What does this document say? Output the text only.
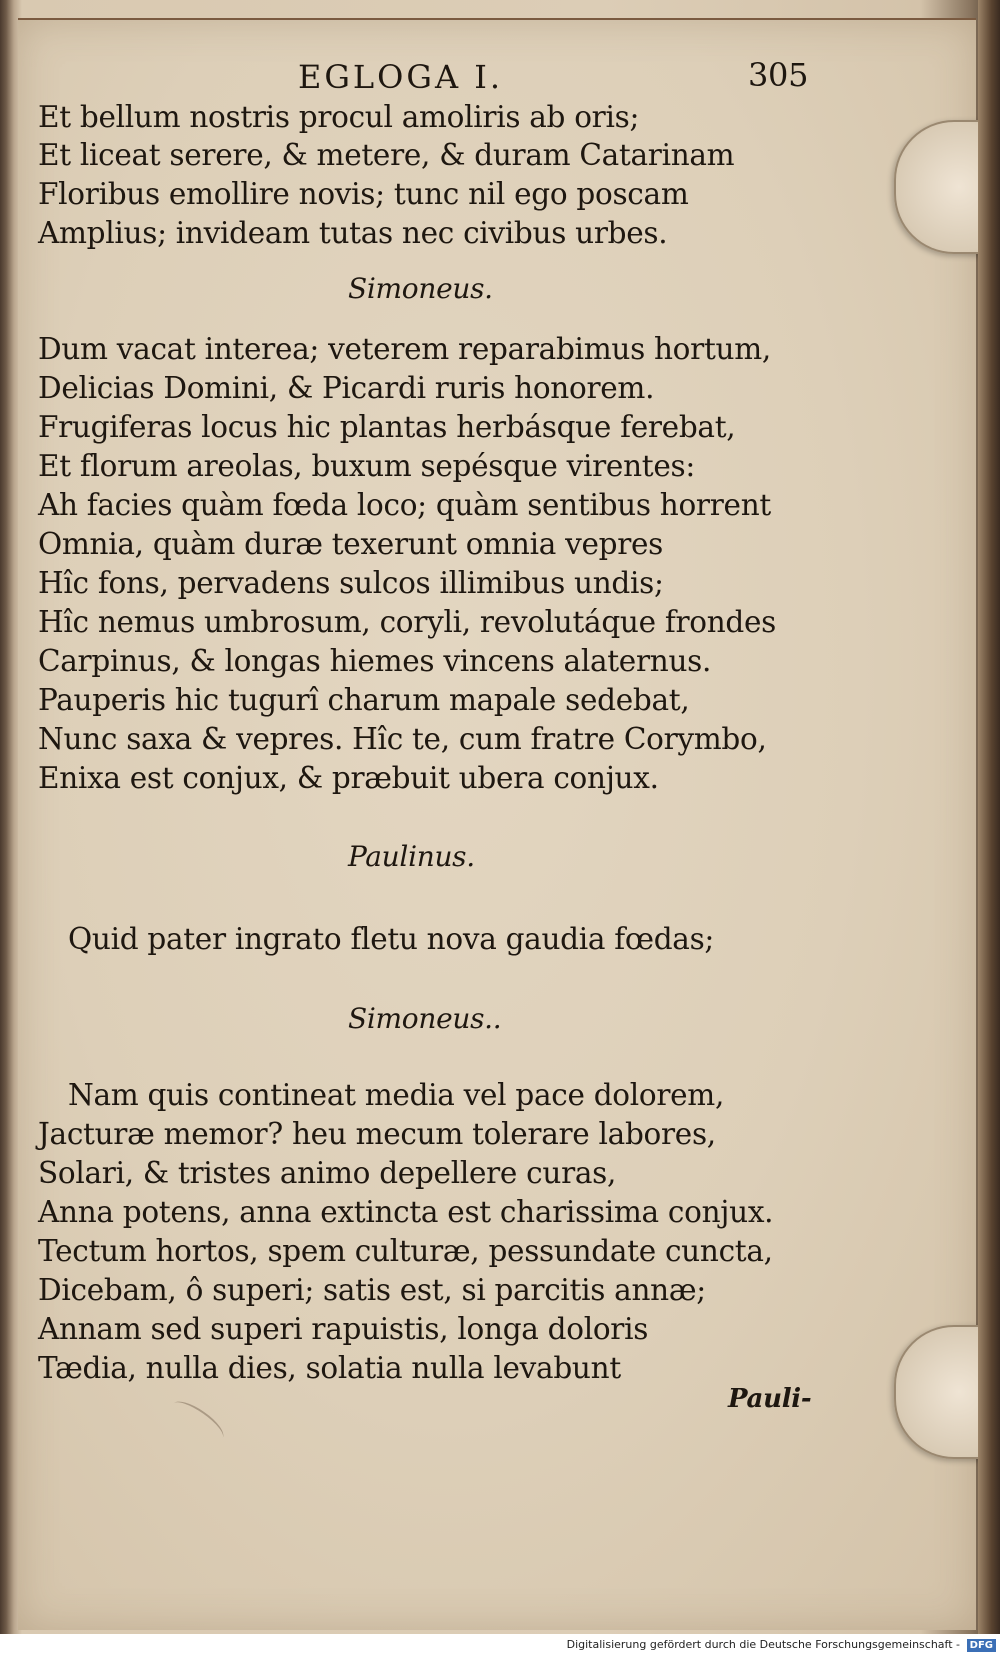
EGLOGA I.	305
Et bellum nostris procul amoliris ab oris;
Et liceat serere, & metere, & duram Catarinam
Floribus emollire novis; tunc nil ego poscam
Amplius; invideam tutas nec civibus urbes.
Simoneus.
Dum vacat interea; veterem reparabimus hortum,
Delicias Domini, & Picardi ruris honorem.
Frugiferas locus hic plantas herbásque ferebat,
Et florum areolas, buxum sepésque virentes:
Ah facies quàm fœda loco; quàm sentibus horrent
Omnia, quàm duræ texerunt omnia vepres
Hîc fons, pervadens sulcos illimibus undis;
Hîc nemus umbrosum, coryli, revolutáque frondes
Carpinus, & longas hiemes vincens alaternus.
Pauperis hic tugurî charum mapale sedebat,
Nunc saxa & vepres. Hîc te, cum fratre Corymbo,
Enixa est conjux, & præbuit ubera conjux.
Paulinus.
Quid pater ingrato fletu nova gaudia fœdas;
Simoneus..
Nam quis contineat media vel pace dolorem,
Jacturæ memor? heu mecum tolerare labores,
Solari, & tristes animo depellere curas,
Anna potens, anna extincta est charissima conjux.
Tectum hortos, spem culturæ, pessundate cuncta,
Dicebam, ô superi; satis est, si parcitis annæ;
Annam sed superi rapuistis, longa doloris
Tædia, nulla dies, solatia nulla levabunt
Pauli-
Digitalisierung gefördert durch die Deutsche Forschungsgemeinschaft - DFG
